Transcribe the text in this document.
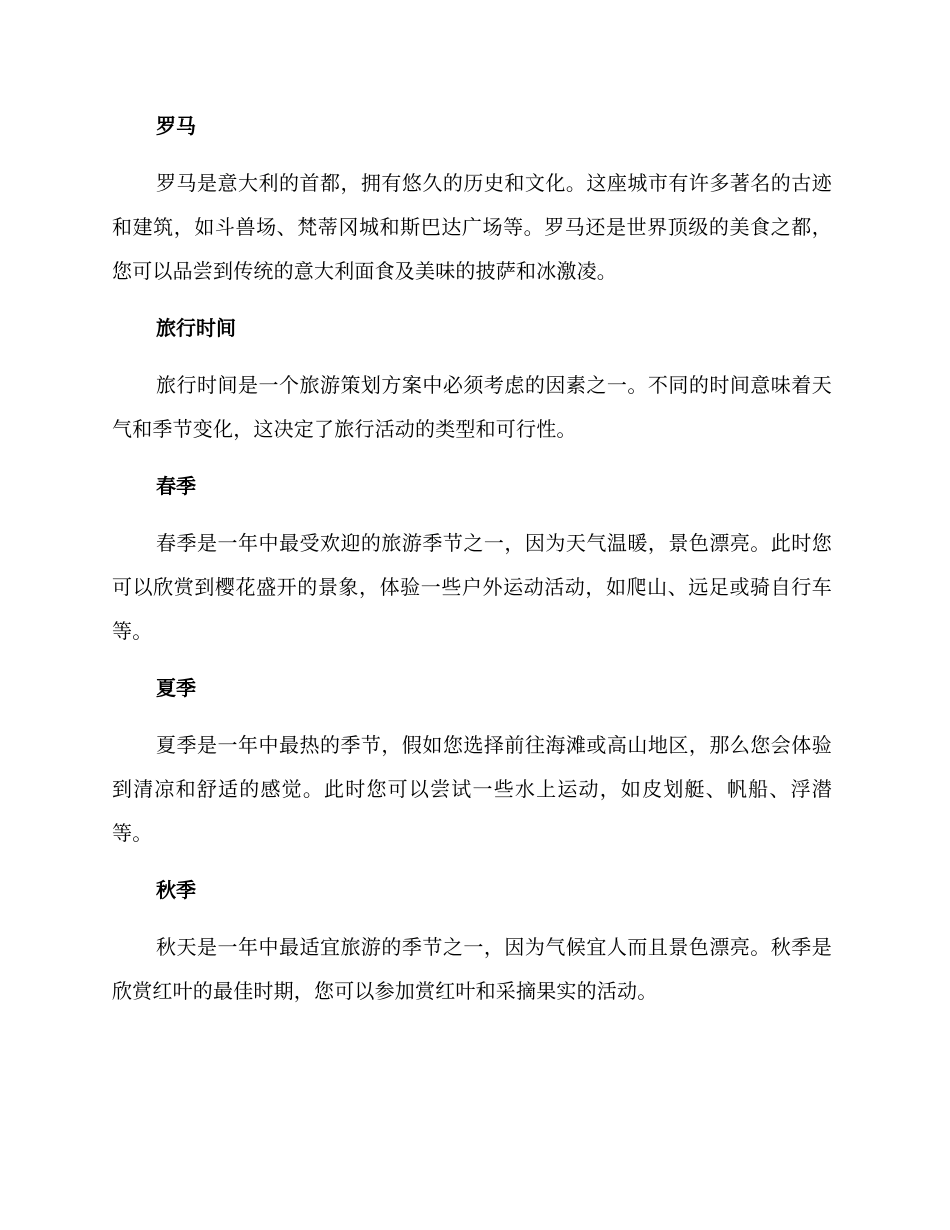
罗马

罗马是意大利的首都，拥有悠久的历史和文化。这座城市有许多著名的古迹和建筑，如斗兽场、梵蒂冈城和斯巴达广场等。罗马还是世界顶级的美食之都，您可以品尝到传统的意大利面食及美味的披萨和冰激凌。

旅行时间

旅行时间是一个旅游策划方案中必须考虑的因素之一。不同的时间意味着天气和季节变化，这决定了旅行活动的类型和可行性。

春季

春季是一年中最受欢迎的旅游季节之一，因为天气温暖，景色漂亮。此时您可以欣赏到樱花盛开的景象，体验一些户外运动活动，如爬山、远足或骑自行车等。

夏季

夏季是一年中最热的季节，假如您选择前往海滩或高山地区，那么您会体验到清凉和舒适的感觉。此时您可以尝试一些水上运动，如皮划艇、帆船、浮潜等。

秋季

秋天是一年中最适宜旅游的季节之一，因为气候宜人而且景色漂亮。秋季是欣赏红叶的最佳时期，您可以参加赏红叶和采摘果实的活动。
